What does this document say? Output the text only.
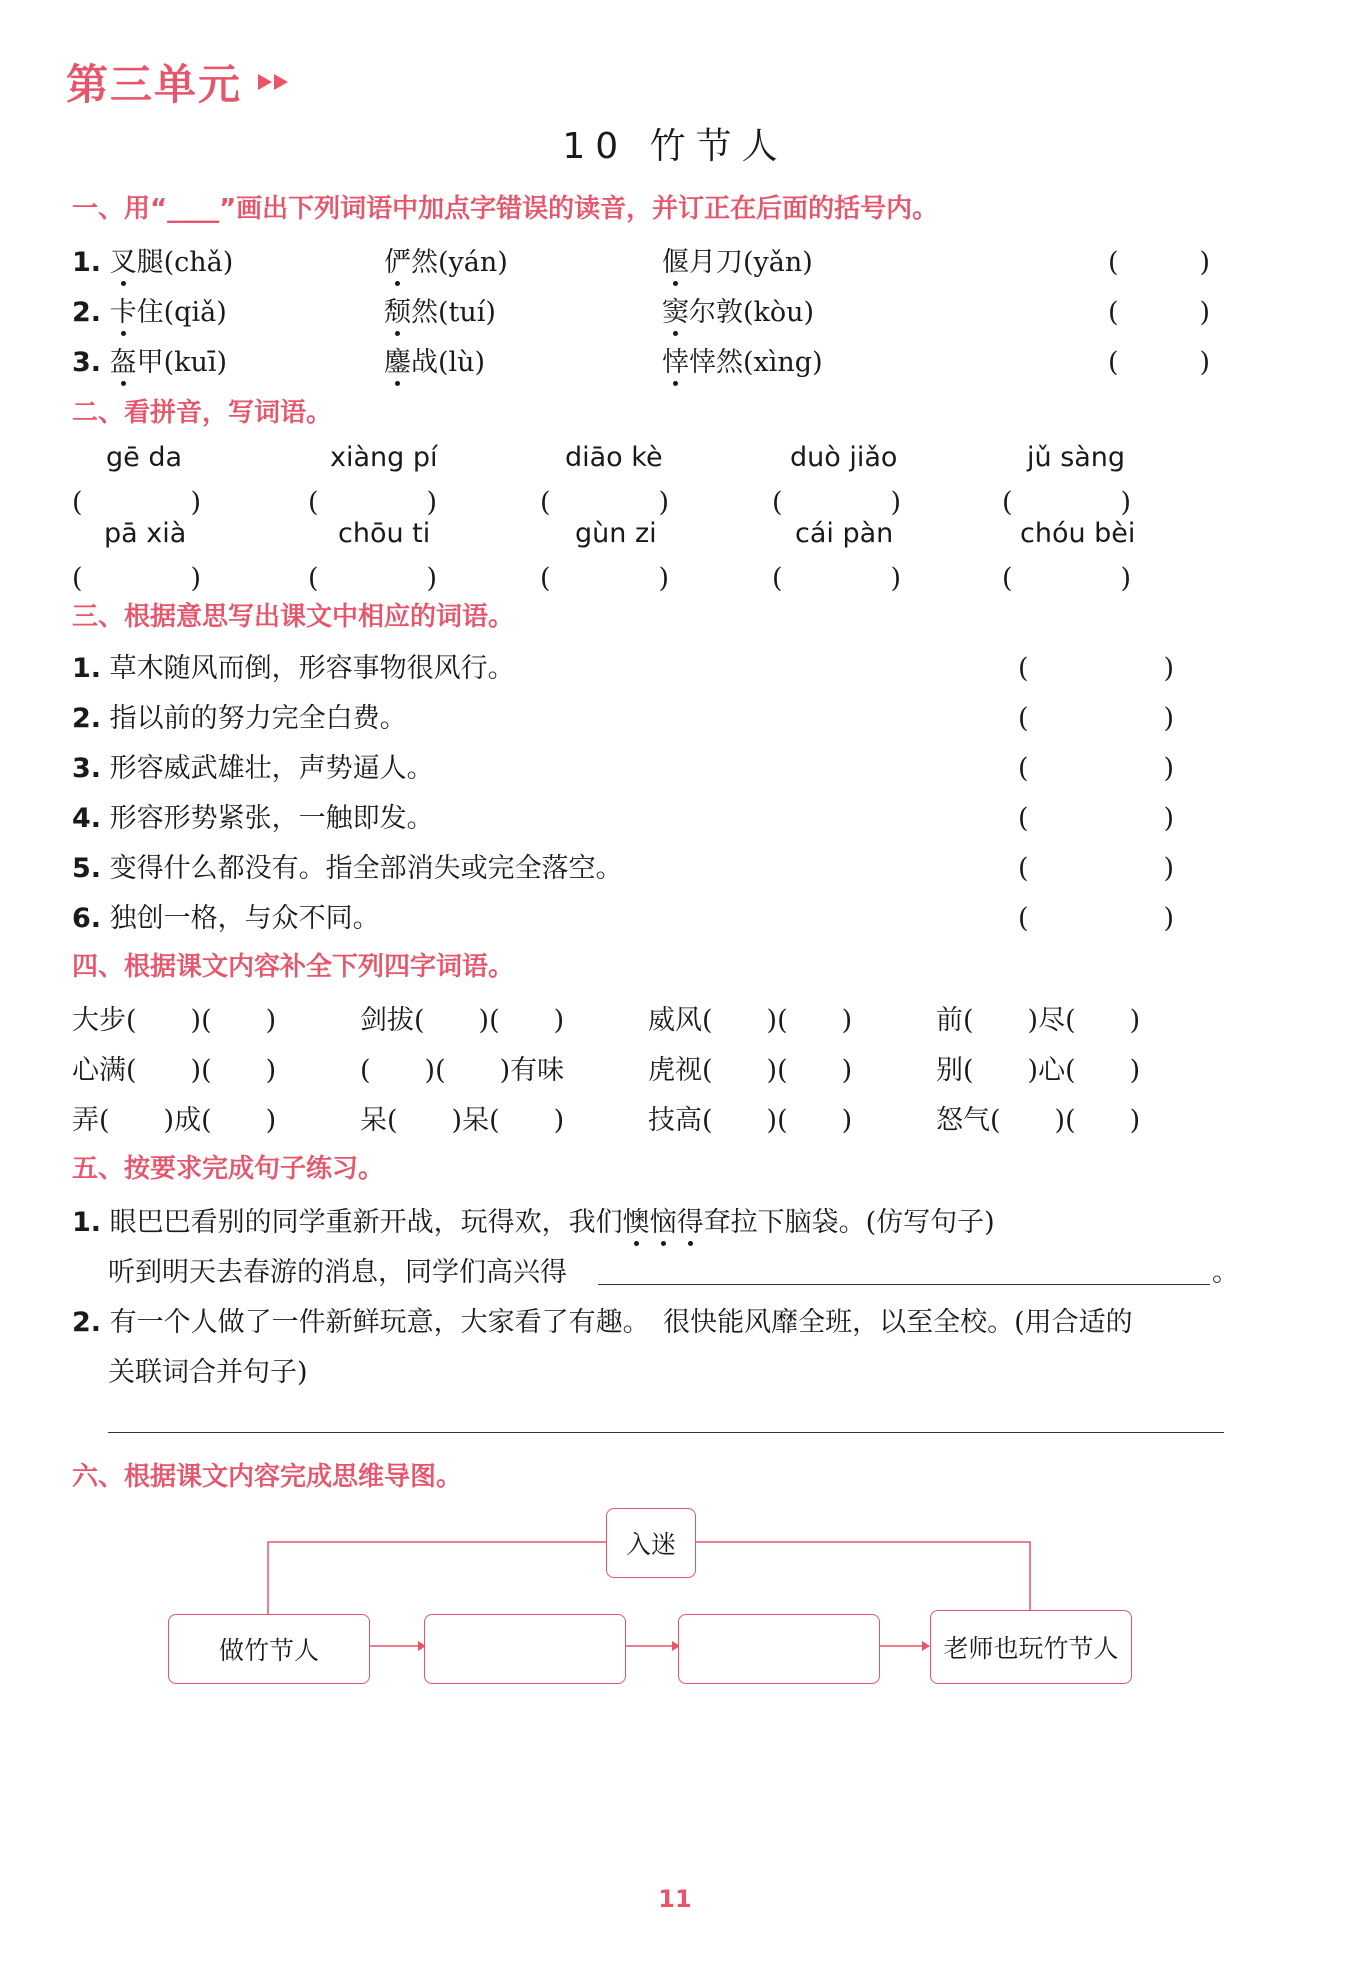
第三单元
10 竹节人
一、用“____”画出下列词语中加点字错误的读音，并订正在后面的括号内。
1. 叉腿(chǎ)	俨然(yán)	偃月刀(yǎn)	(　　　)
2. 卡住(qiǎ)	颓然(tuí)	窦尔敦(kòu)	(　　　)
3. 盔甲(kuī)	鏖战(lù)	悻悻然(xìng)	(　　　)
二、看拼音，写词语。
gē da	xiàng pí	diāo kè	duò jiǎo	jǔ sàng
(　　　　)	(　　　　)	(　　　　)	(　　　　)	(　　　　)
pā xià	chōu ti	gùn zi	cái pàn	chóu bèi
(　　　　)	(　　　　)	(　　　　)	(　　　　)	(　　　　)
三、根据意思写出课文中相应的词语。
1. 草木随风而倒，形容事物很风行。	(　　　　　)
2. 指以前的努力完全白费。	(　　　　　)
3. 形容威武雄壮，声势逼人。	(　　　　　)
4. 形容形势紧张，一触即发。	(　　　　　)
5. 变得什么都没有。指全部消失或完全落空。	(　　　　　)
6. 独创一格，与众不同。	(　　　　　)
四、根据课文内容补全下列四字词语。
大步(　　)(　　)	剑拔(　　)(　　)	威风(　　)(　　)	前(　　)尽(　　)
心满(　　)(　　)	(　　)(　　)有味	虎视(　　)(　　)	别(　　)心(　　)
弄(　　)成(　　)	呆(　　)呆(　　)	技高(　　)(　　)	怒气(　　)(　　)
五、按要求完成句子练习。
1. 眼巴巴看别的同学重新开战，玩得欢，我们懊恼得耷拉下脑袋。(仿写句子)
听到明天去春游的消息，同学们高兴得	。
2. 有一个人做了一件新鲜玩意，大家看了有趣。　很快能风靡全班，以至全校。(用合适的
关联词合并句子)
六、根据课文内容完成思维导图。
入迷
做竹节人	老师也玩竹节人
11
